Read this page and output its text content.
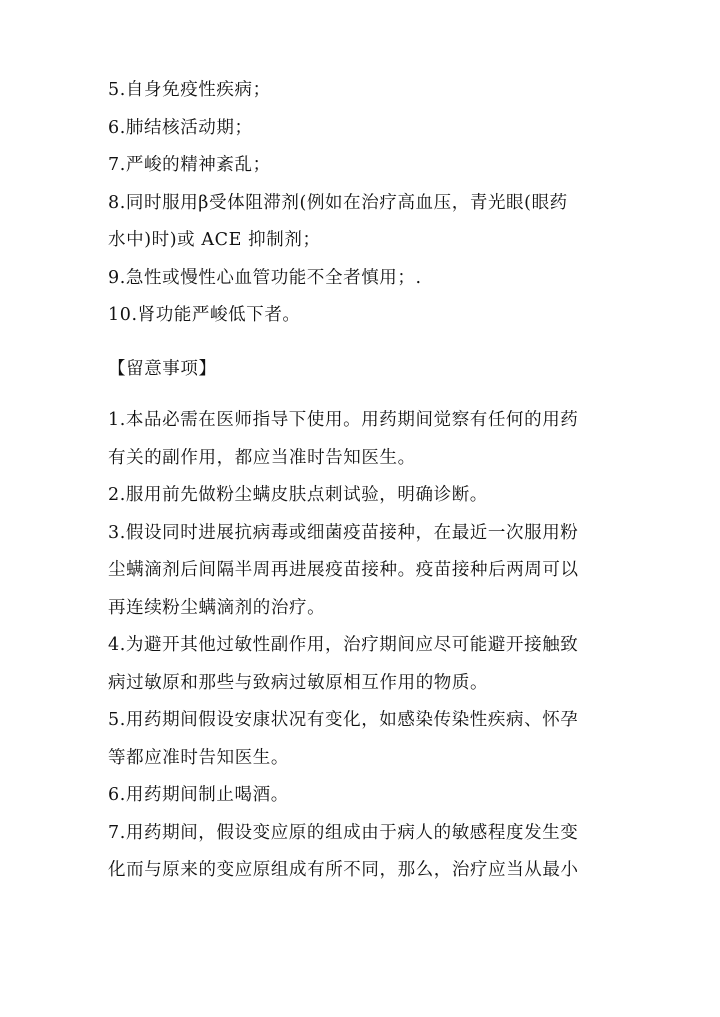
5.自身免疫性疾病；
6.肺结核活动期；
7.严峻的精神紊乱；
8.同时服用β受体阻滞剂(例如在治疗高血压，青光眼(眼药
水中)时)或 ACE 抑制剂；
9.急性或慢性心血管功能不全者慎用；.
10.肾功能严峻低下者。
【留意事项】
1.本品必需在医师指导下使用。用药期间觉察有任何的用药
有关的副作用，都应当准时告知医生。
2.服用前先做粉尘螨皮肤点刺试验，明确诊断。
3.假设同时进展抗病毒或细菌疫苗接种，在最近一次服用粉
尘螨滴剂后间隔半周再进展疫苗接种。疫苗接种后两周可以
再连续粉尘螨滴剂的治疗。
4.为避开其他过敏性副作用，治疗期间应尽可能避开接触致
病过敏原和那些与致病过敏原相互作用的物质。
5.用药期间假设安康状况有变化，如感染传染性疾病、怀孕
等都应准时告知医生。
6.用药期间制止喝酒。
7.用药期间，假设变应原的组成由于病人的敏感程度发生变
化而与原来的变应原组成有所不同，那么，治疗应当从最小
